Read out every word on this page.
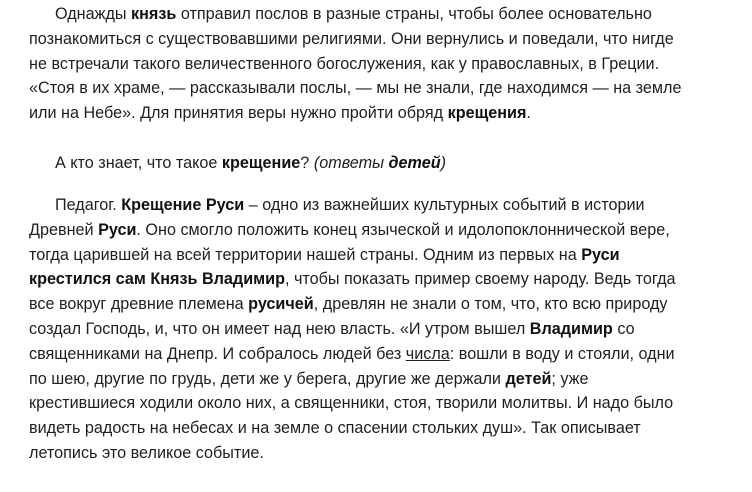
Однажды князь отправил послов в разные страны, чтобы более основательно
познакомиться с существовавшими религиями. Они вернулись и поведали, что нигде
не встречали такого величественного богослужения, как у православных, в Греции.
«Стоя в их храме, — рассказывали послы, — мы не знали, где находимся — на земле
или на Небе». Для принятия веры нужно пройти обряд крещения.
А кто знает, что такое крещение? (ответы детей)
Педагог. Крещение Руси – одно из важнейших культурных событий в истории
Древней Руси. Оно смогло положить конец языческой и идолопоклоннической вере,
тогда царившей на всей территории нашей страны. Одним из первых на Руси
крестился сам Князь Владимир, чтобы показать пример своему народу. Ведь тогда
все вокруг древние племена русичей, древлян не знали о том, что, кто всю природу
создал Господь, и, что он имеет над нею власть. «И утром вышел Владимир со
священниками на Днепр. И собралось людей без числа: вошли в воду и стояли, одни
по шею, другие по грудь, дети же у берега, другие же держали детей; уже
крестившиеся ходили около них, а священники, стоя, творили молитвы. И надо было
видеть радость на небесах и на земле о спасении стольких душ». Так описывает
летопись это великое событие.
